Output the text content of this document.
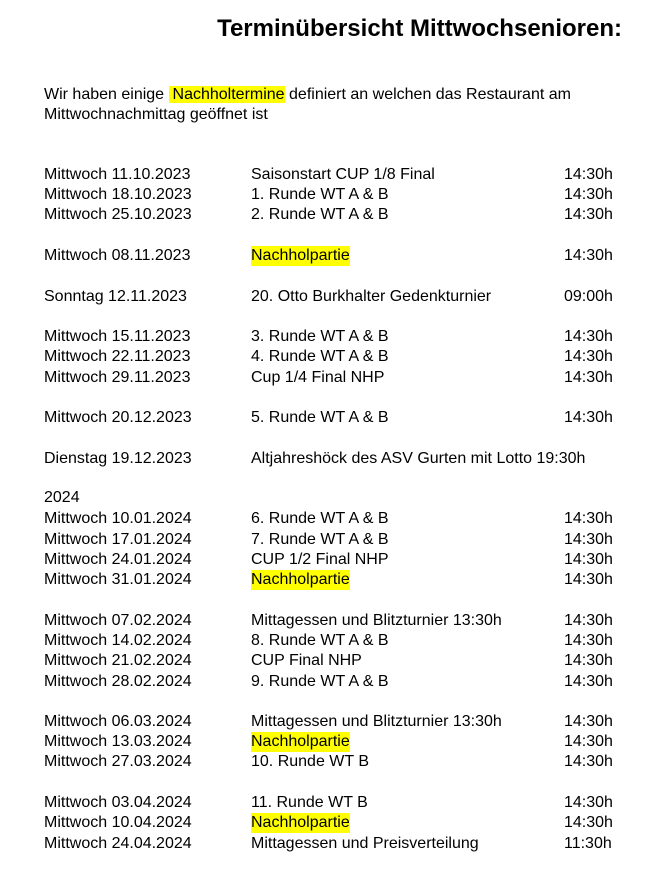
Terminübersicht Mittwochsenioren:
Wir haben einige Nachholtermine definiert an welchen das Restaurant am
Mittwochnachmittag geöffnet ist
2024
Mittwoch 11.10.2023	Saisonstart CUP 1/8 Final	14:30h
Mittwoch 18.10.2023	1. Runde WT A & B	14:30h
Mittwoch 25.10.2023	2. Runde WT A & B	14:30h
Mittwoch 08.11.2023	Nachholpartie	14:30h
Sonntag 12.11.2023	20. Otto Burkhalter Gedenkturnier	09:00h
Mittwoch 15.11.2023	3. Runde WT A & B	14:30h
Mittwoch 22.11.2023	4. Runde WT A & B	14:30h
Mittwoch 29.11.2023	Cup 1/4 Final NHP	14:30h
Mittwoch 20.12.2023	5. Runde WT A & B	14:30h
Dienstag 19.12.2023	Altjahreshöck des ASV Gurten mit Lotto 19:30h
Mittwoch 10.01.2024	6. Runde WT A & B	14:30h
Mittwoch 17.01.2024	7. Runde WT A & B	14:30h
Mittwoch 24.01.2024	CUP 1/2 Final NHP	14:30h
Mittwoch 31.01.2024	Nachholpartie	14:30h
Mittwoch 07.02.2024	Mittagessen und Blitzturnier 13:30h	14:30h
Mittwoch 14.02.2024	8. Runde WT A & B	14:30h
Mittwoch 21.02.2024	CUP Final NHP	14:30h
Mittwoch 28.02.2024	9. Runde WT A & B	14:30h
Mittwoch 06.03.2024	Mittagessen und Blitzturnier 13:30h	14:30h
Mittwoch 13.03.2024	Nachholpartie	14:30h
Mittwoch 27.03.2024	10. Runde WT B	14:30h
Mittwoch 03.04.2024	11. Runde WT B	14:30h
Mittwoch 10.04.2024	Nachholpartie	14:30h
Mittwoch 24.04.2024	Mittagessen und Preisverteilung	11:30h
